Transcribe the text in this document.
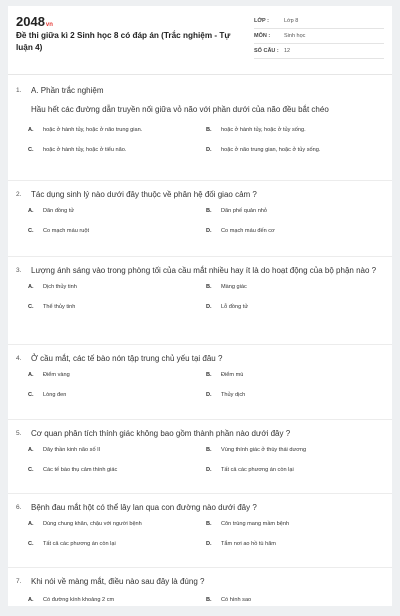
2048vn
Đề thi giữa kì 2 Sinh học 8 có đáp án (Trắc nghiệm - Tự luận 4)
LỚP :	Lớp 8
MÔN :	Sinh học
SỐ CÂU : 12
1.	A. Phần trắc nghiệm
Hầu hết các đường dẫn truyền nối giữa vỏ não với phần dưới của não đều bắt chéo
A.	hoặc ở hành tủy, hoặc ở não trung gian.	B.	hoặc ở hành tủy, hoặc ở tủy sống.
C.	hoặc ở hành tủy, hoặc ở tiểu não.	D.	hoặc ở não trung gian, hoặc ở tủy sống.
2.	Tác dụng sinh lý nào dưới đây thuộc về phân hệ đối giao cảm ?
A.	Dãn đồng tử	B.	Dãn phế quản nhỏ
C.	Co mạch máu ruột	D.	Co mạch máu đến cơ
3.	Lượng ánh sáng vào trong phòng tối của cầu mắt nhiều hay ít là do hoạt động của bộ phận nào ?
A.	Dịch thủy tinh	B.	Màng giác
C.	Thể thủy tinh	D.	Lỗ đồng tử
4.	Ở cầu mắt, các tế bào nón tập trung chủ yếu tại đâu ?
A.	Điểm vàng	B.	Điểm mù
C.	Lòng đen	D.	Thủy dịch
5.	Cơ quan phân tích thính giác không bao gồm thành phần nào dưới đây ?
A.	Dây thần kinh não số II	B.	Vùng thính giác ở thùy thái dương
C.	Các tế bào thụ cảm thính giác	D.	Tất cả các phương án còn lại
6.	Bệnh đau mắt hột có thể lây lan qua con đường nào dưới đây ?
A.	Dùng chung khăn, chậu với người bệnh	B.	Côn trùng mang mầm bệnh
C.	Tất cả các phương án còn lại	D.	Tắm nơi ao hồ tù hãm
7.	Khi nói về màng mắt, điều nào sau đây là đúng ?
A.	Có đường kính khoảng 2 cm	B.	Có hình sao
